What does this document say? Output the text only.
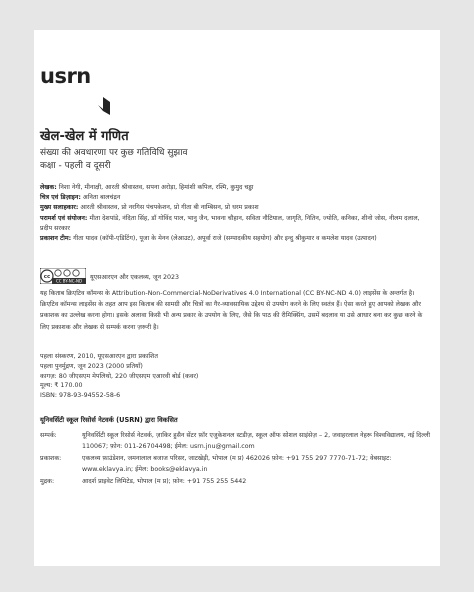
usrn
खेल-खेल में गणित
संख्या की अवधारणा पर कुछ गतिविधि सुझाव
कक्षा - पहली व दूसरी

लेखक: निशा नेगी, मीनाक्षी, आरती श्रीवास्तव, सपना अरोड़ा, हिमांशी कपिल, रश्मि, कुमुद चड्ढा

चित्र एवं डिज़ाइन: अनिता बालचंद्रन

मुख्य सलाहकार: आरती श्रीवास्तव, प्रो नरगिस पंचपकेशन, प्रो गीता बी नाम्बिसन, प्रो धरम प्रकाश

परामर्श एवं संयोजन: मीता देशपांडे, नंदिता सिंह, डॉ गोविंद पाल, भानु जैन, भावना चौहान, सविता नौटियाल, जागृति, नितिन, ज्योति, कनिका, शीनो जोस, नीलम दलाल, प्रदीप सरकार

प्रकाशन टीम: गीता यादव (कॉपी-एडिटिंग), पूजा के मेनन (लेआउट), अपूर्वा राजे (सम्पादकीय सहयोग) और इन्दु श्रीकुमार व कमलेश यादव (उत्पादन)

cc
CC BY-NC-ND
यूएसआरएन और एकलव्य, जून 2023
यह किताब क्रिएटिव कॉमन्स के Attribution-Non-Commercial-NoDerivatives 4.0 International (CC BY-NC-ND 4.0) लाइसेंस के अन्तर्गत है। क्रिएटिव कॉमन्स लाइसेंस के तहत आप इस किताब की सामग्री और चित्रों का गैर-व्यावसायिक उद्देश्य से उपयोग करने के लिए स्वतंत्र हैं। ऐसा करते हुए आपको लेखक और प्रकाशक का उल्लेख करना होगा। इसके अलावा किसी भी अन्य प्रकार के उपयोग के लिए, जैसे कि पाठ की रीमिक्सिंग, उसमें बदलाव या उसे आधार बना कर कुछ करने के लिए प्रकाशक और लेखक से सम्पर्क करना ज़रूरी है।

पहला संस्करण, 2010, यूएसआरएन द्वारा प्रकाशित

पहला पुनर्मुद्रण, जून 2023 (2000 प्रतियाँ)

कागज़: 80 जीएसएम मेपलिथो, 220 जीएसएम एआरवी बोर्ड (कवर)

मूल्य: ₹ 170.00

ISBN: 978-93-94552-58-6

यूनिवर्सिटी स्कूल रिसोर्स नेटवर्क (USRN) द्वारा विकसित
सम्पर्क:	यूनिवर्सिटी स्कूल रिसोर्स नेटवर्क, ज़ाकिर हुसैन सेंटर फ़ॉर एजुकेशनल स्टडीज़, स्कूल ऑफ सोशल साइंसेज़ – 2, जवाहरलाल नेहरू विश्वविद्यालय, नई दिल्ली 110067; फ़ोन: 011-26704498; ईमेल: usrn.jnu@gmail.com

प्रकाशक:	एकलव्य फ़ाउंडेशन, जमनालाल बजाज परिसर, जाटखेड़ी, भोपाल (म प्र) 462026 फ़ोन: +91 755 297 7770-71-72; वेबसाइट: www.eklavya.in; ईमेल: books@eklavya.in

मुद्रक:	आदर्श प्राइवेट लिमिटेड, भोपाल (म प्र); फ़ोन: +91 755 255 5442
